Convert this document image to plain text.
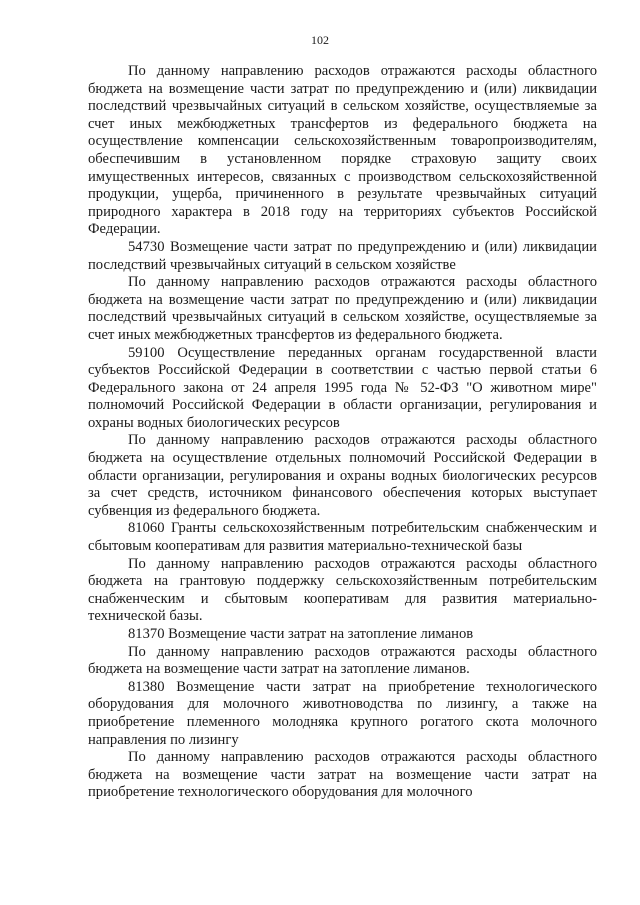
102

По данному направлению расходов отражаются расходы областного бюджета на возмещение части затрат по предупреждению и (или) ликвидации последствий чрезвычайных ситуаций в сельском хозяйстве, осуществляемые за счет иных межбюджетных трансфертов из федерального бюджета на осуществление компенсации сельскохозяйственным товаропроизводителям, обеспечившим в установленном порядке страховую защиту своих имущественных интересов, связанных с производством сельскохозяйственной продукции, ущерба, причиненного в результате чрезвычайных ситуаций природного характера в 2018 году на территориях субъектов Российской Федерации.

54730 Возмещение части затрат по предупреждению и (или) ликвидации последствий чрезвычайных ситуаций в сельском хозяйстве

По данному направлению расходов отражаются расходы областного бюджета на возмещение части затрат по предупреждению и (или) ликвидации последствий чрезвычайных ситуаций в сельском хозяйстве, осуществляемые за счет иных межбюджетных трансфертов из федерального бюджета.

59100 Осуществление переданных органам государственной власти субъектов Российской Федерации в соответствии с частью первой статьи 6 Федерального закона от 24 апреля 1995 года № 52-ФЗ "О животном мире" полномочий Российской Федерации в области организации, регулирования и охраны водных биологических ресурсов

По данному направлению расходов отражаются расходы областного бюджета на осуществление отдельных полномочий Российской Федерации в области организации, регулирования и охраны водных биологических ресурсов за счет средств, источником финансового обеспечения которых выступает субвенция из федерального бюджета.

81060 Гранты сельскохозяйственным потребительским снабженческим и сбытовым кооперативам для развития материально-технической базы

По данному направлению расходов отражаются расходы областного бюджета на грантовую поддержку сельскохозяйственным потребительским снабженческим и сбытовым кооперативам для развития материально-технической базы.

81370 Возмещение части затрат на затопление лиманов

По данному направлению расходов отражаются расходы областного бюджета на возмещение части затрат на затопление лиманов.

81380 Возмещение части затрат на приобретение технологического оборудования для молочного животноводства по лизингу, а также на приобретение племенного молодняка крупного рогатого скота молочного направления по лизингу

По данному направлению расходов отражаются расходы областного бюджета на возмещение части затрат на возмещение части затрат на приобретение технологического оборудования для молочного
